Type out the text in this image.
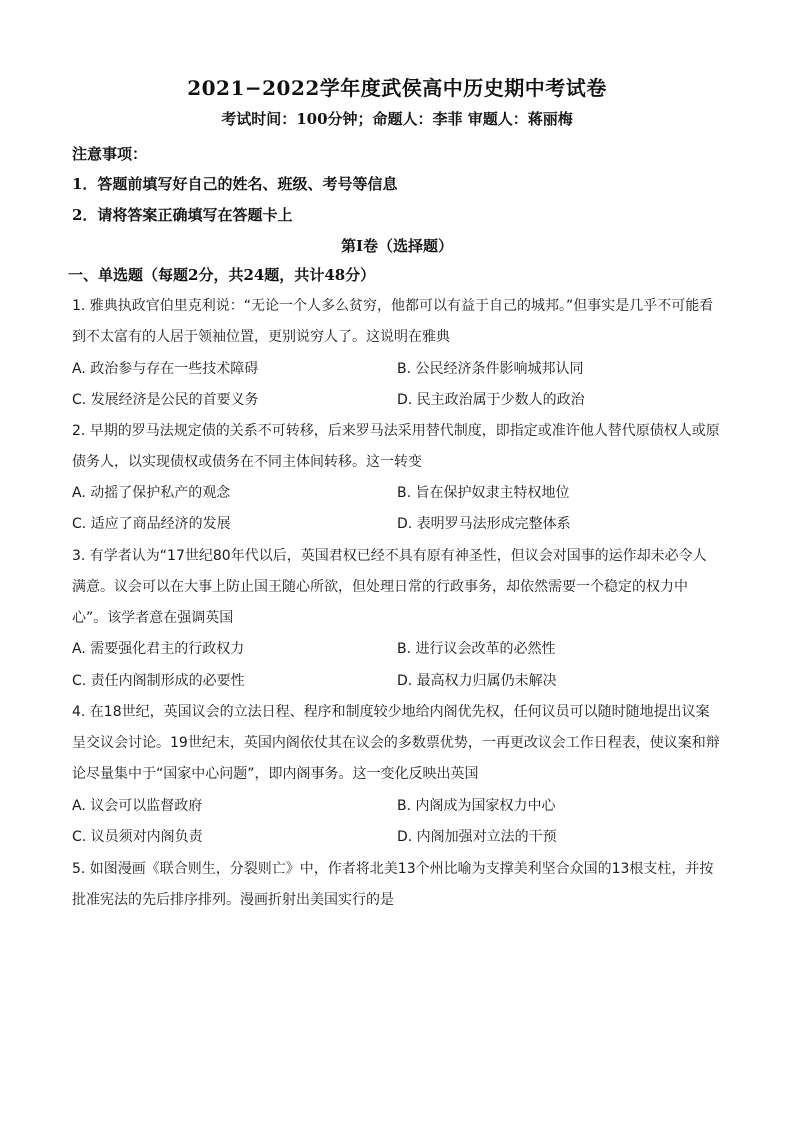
2021−2022学年度武侯高中历史期中考试卷
考试时间：100分钟；命题人：李菲 审题人：蒋丽梅
注意事项：
1．答题前填写好自己的姓名、班级、考号等信息
2．请将答案正确填写在答题卡上
第I卷（选择题）
一、单选题（每题2分，共24题，共计48分）
1. 雅典执政官伯里克利说：“无论一个人多么贫穷，他都可以有益于自己的城邦。”但事实是几乎不可能看
到不太富有的人居于领袖位置，更别说穷人了。这说明在雅典
A. 政治参与存在一些技术障碍	B. 公民经济条件影响城邦认同
C. 发展经济是公民的首要义务	D. 民主政治属于少数人的政治
2. 早期的罗马法规定债的关系不可转移，后来罗马法采用替代制度，即指定或准许他人替代原债权人或原
债务人，以实现债权或债务在不同主体间转移。这一转变
A. 动摇了保护私产的观念	B. 旨在保护奴隶主特权地位
C. 适应了商品经济的发展	D. 表明罗马法形成完整体系
3. 有学者认为“17世纪80年代以后，英国君权已经不具有原有神圣性，但议会对国事的运作却未必令人
满意。议会可以在大事上防止国王随心所欲，但处理日常的行政事务，却依然需要一个稳定的权力中
心”。该学者意在强调英国
A. 需要强化君主的行政权力	B. 进行议会改革的必然性
C. 责任内阁制形成的必要性	D. 最高权力归属仍未解决
4. 在18世纪，英国议会的立法日程、程序和制度较少地给内阁优先权，任何议员可以随时随地提出议案
呈交议会讨论。19世纪末，英国内阁依仗其在议会的多数票优势，一再更改议会工作日程表，使议案和辩
论尽量集中于“国家中心问题”，即内阁事务。这一变化反映出英国
A. 议会可以监督政府	B. 内阁成为国家权力中心
C. 议员须对内阁负责	D. 内阁加强对立法的干预
5. 如图漫画《联合则生，分裂则亡》中，作者将北美13个州比喻为支撑美利坚合众国的13根支柱，并按
批准宪法的先后排序排列。漫画折射出美国实行的是
